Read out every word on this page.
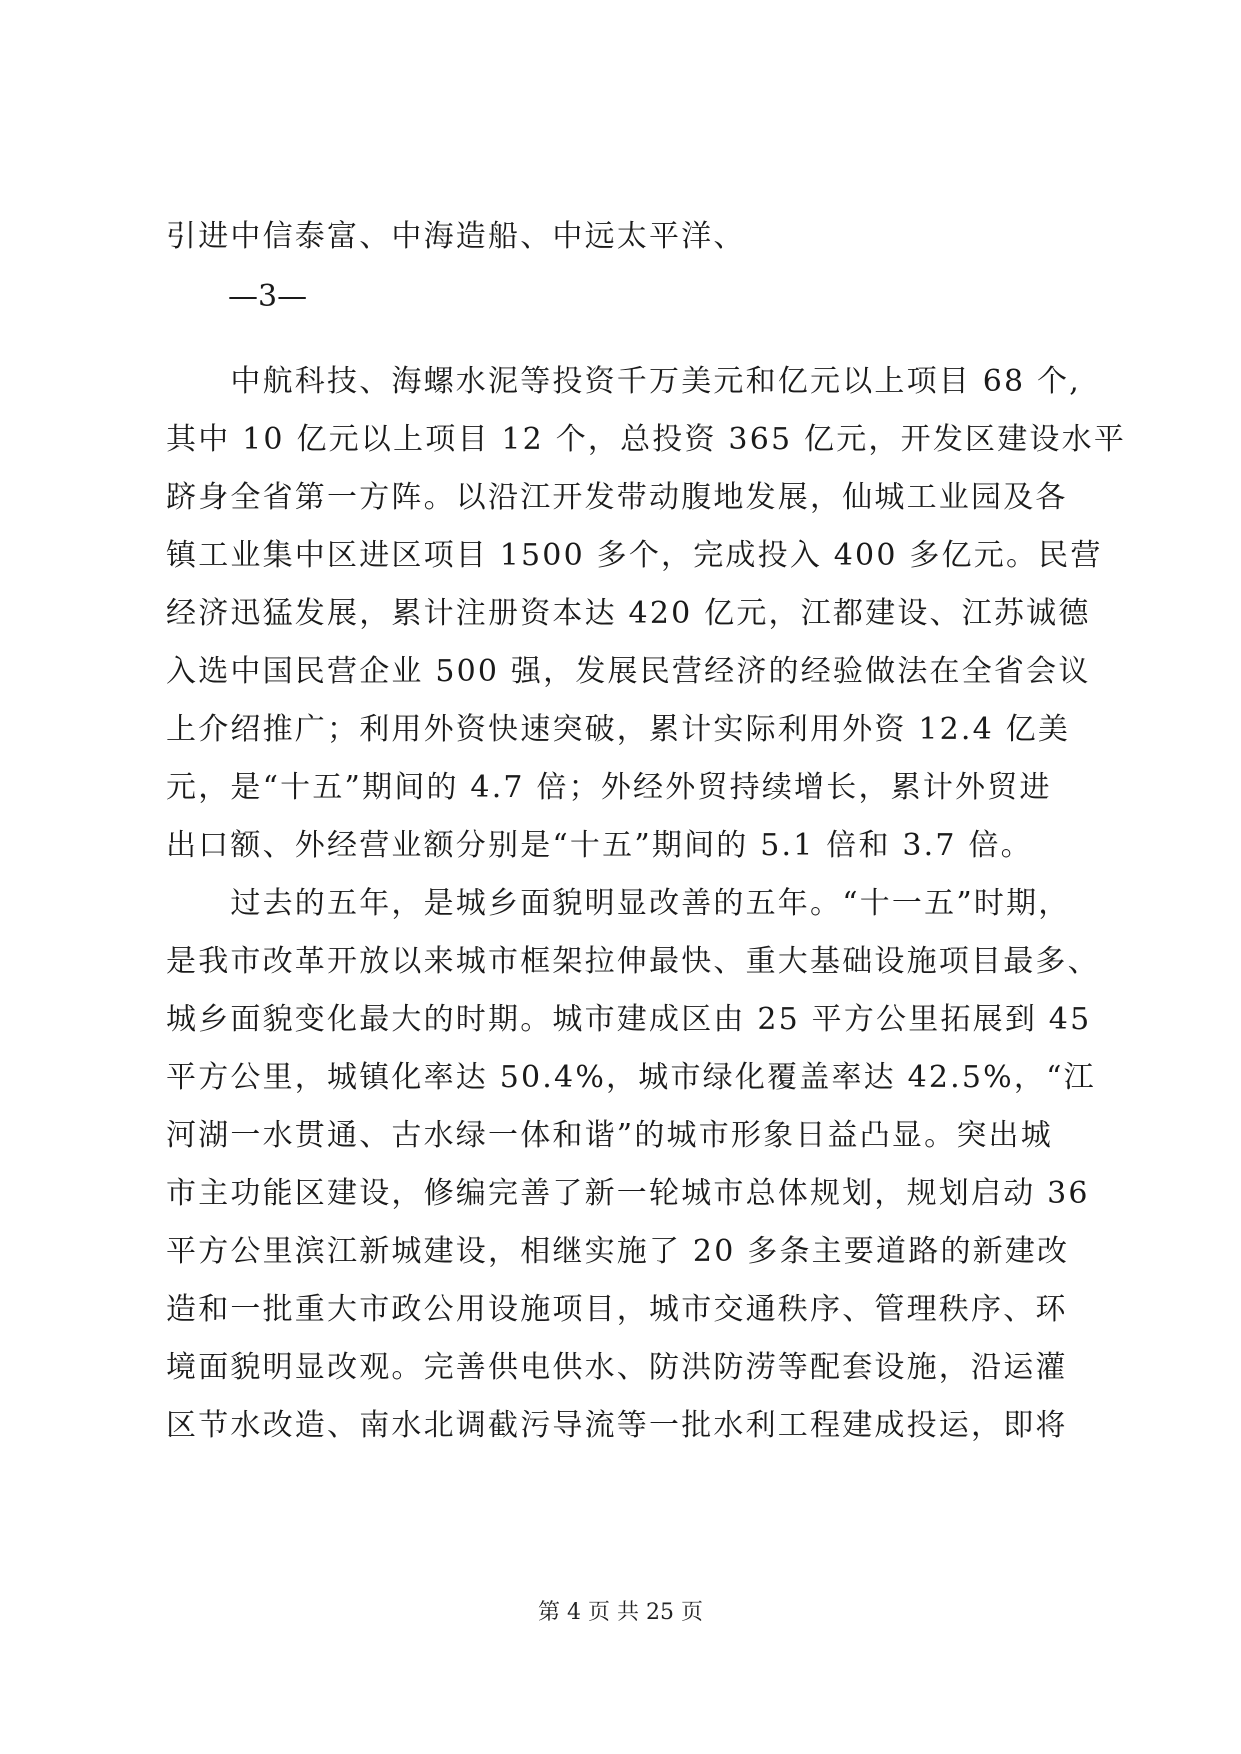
引进中信泰富、中海造船、中远太平洋、
—3—
　　中航科技、海螺水泥等投资千万美元和亿元以上项目 68 个,
其中 10 亿元以上项目 12 个，总投资 365 亿元，开发区建设水平
跻身全省第一方阵。以沿江开发带动腹地发展，仙城工业园及各
镇工业集中区进区项目 1500 多个，完成投入 400 多亿元。民营
经济迅猛发展，累计注册资本达 420 亿元，江都建设、江苏诚德
入选中国民营企业 500 强，发展民营经济的经验做法在全省会议
上介绍推广；利用外资快速突破，累计实际利用外资 12.4 亿美
元，是“十五”期间的 4.7 倍；外经外贸持续增长，累计外贸进
出口额、外经营业额分别是“十五”期间的 5.1 倍和 3.7 倍。
　　过去的五年，是城乡面貌明显改善的五年。“十一五”时期，
是我市改革开放以来城市框架拉伸最快、重大基础设施项目最多、
城乡面貌变化最大的时期。城市建成区由 25 平方公里拓展到 45
平方公里，城镇化率达 50.4%，城市绿化覆盖率达 42.5%，“江
河湖一水贯通、古水绿一体和谐”的城市形象日益凸显。突出城
市主功能区建设，修编完善了新一轮城市总体规划，规划启动 36
平方公里滨江新城建设，相继实施了 20 多条主要道路的新建改
造和一批重大市政公用设施项目，城市交通秩序、管理秩序、环
境面貌明显改观。完善供电供水、防洪防涝等配套设施，沿运灌
区节水改造、南水北调截污导流等一批水利工程建成投运，即将
第 4 页 共 25 页
